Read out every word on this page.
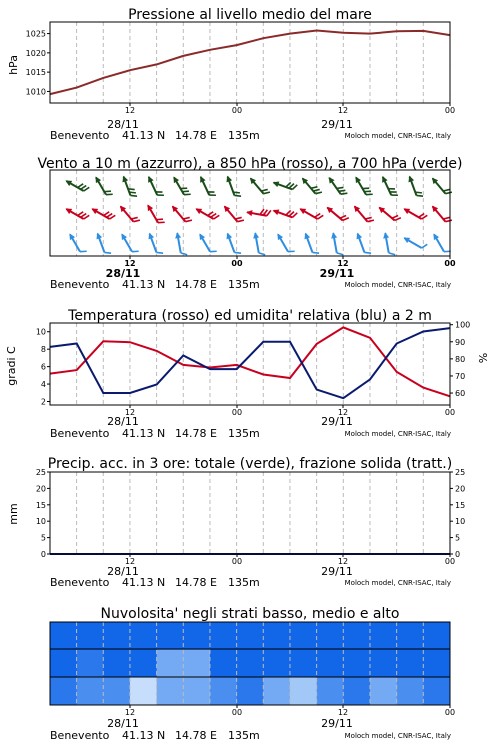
Pressione al livello medio del mare
hPa
1010
1015
1020
1025
12	00	12	00
28/11	29/11
Benevento 41.13 N 14.78 E 135m	Moloch model, CNR-ISAC, Italy
Vento a 10 m (azzurro), a 850 hPa (rosso), a 700 hPa (verde)
12	00	12	00
28/11	29/11
Benevento 41.13 N 14.78 E 135m	Moloch model, CNR-ISAC, Italy
Temperatura (rosso) ed umidita' relativa (blu) a 2 m
gradi C	%
2
4
6
8
10
60
70
80
90
100
12	00	12	00
28/11	29/11
Benevento 41.13 N 14.78 E 135m	Moloch model, CNR-ISAC, Italy
Precip. acc. in 3 ore: totale (verde), frazione solida (tratt.)
mm
0
5
10
15
20
25
0
5
10
15
20
25
12	00	12	00
28/11	29/11
Benevento 41.13 N 14.78 E 135m	Moloch model, CNR-ISAC, Italy
Nuvolosita' negli strati basso, medio e alto
12	00	12	00
28/11	29/11
Benevento 41.13 N 14.78 E 135m	Moloch model, CNR-ISAC, Italy
